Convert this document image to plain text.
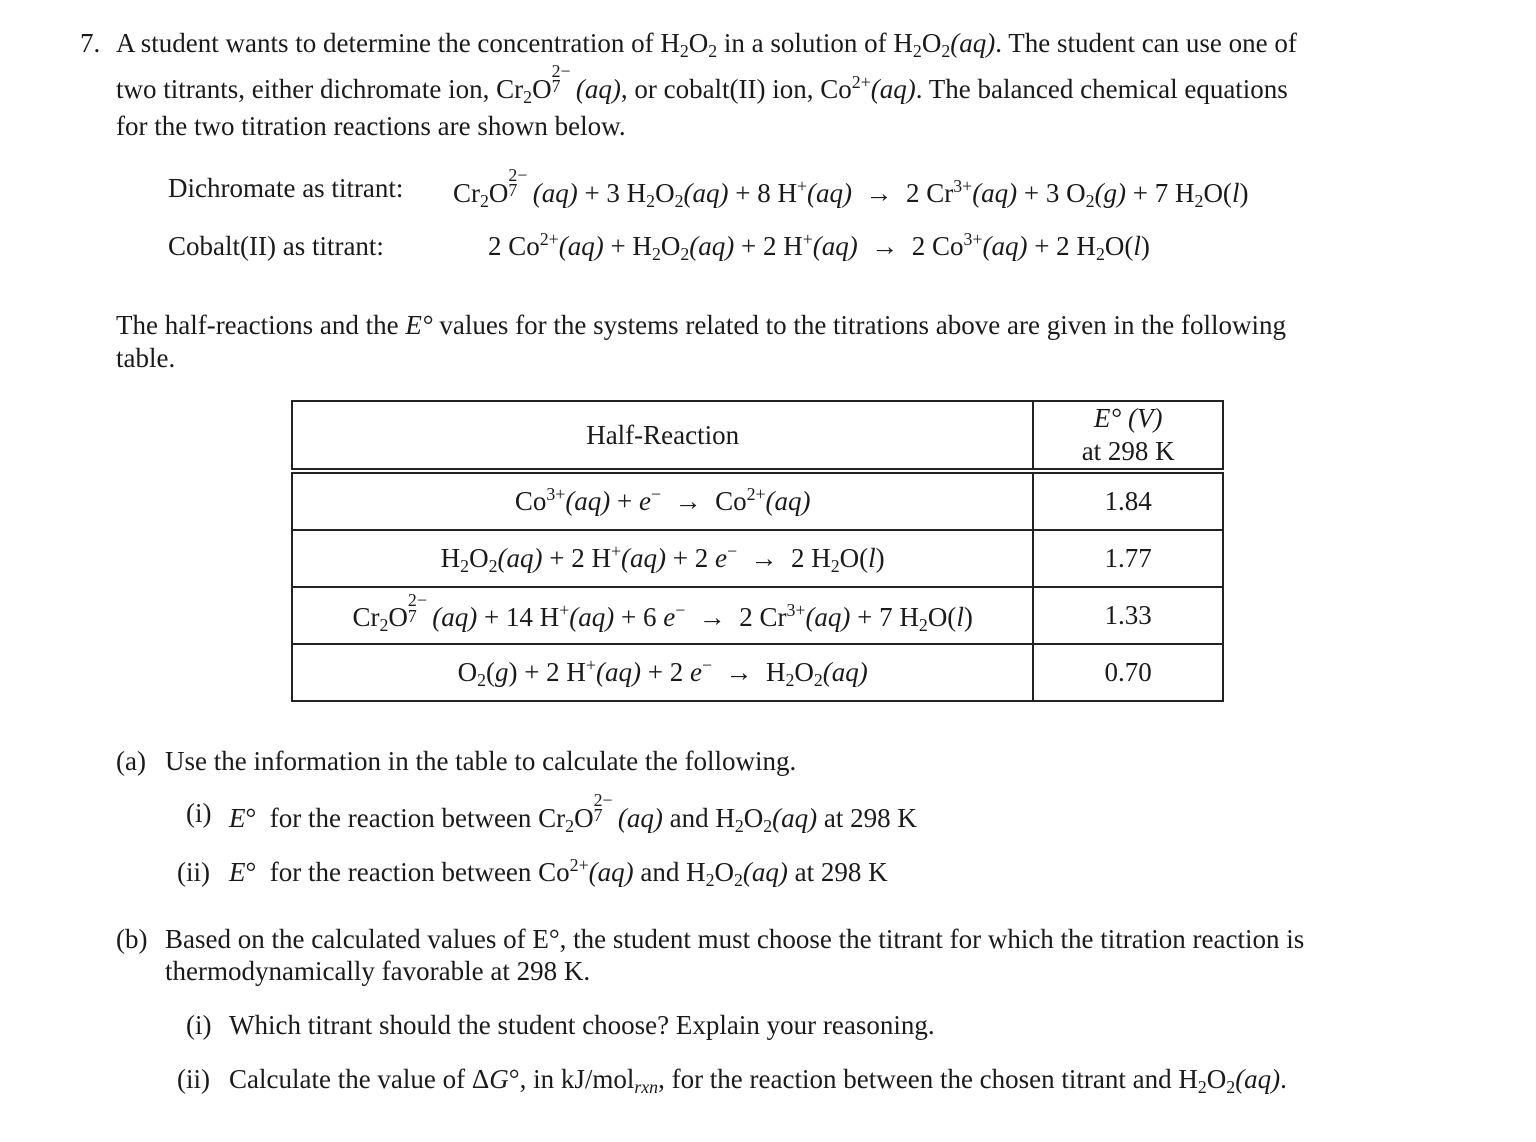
7. A student wants to determine the concentration of $H_2O_2$ in a solution of $H_2O_2(aq)$. The student can use one of
two titrants, either dichromate ion, $Cr_2O$
2−
7 (aq), or cobalt(II) ion, $Co^{2+}(aq)$. The balanced chemical equations
for the two titration reactions are shown below.
Dichromate as titrant: $Cr_2O$
2−
7 (aq) + 3 $H_2O_2(aq) + 8$ H+(aq)  →  2 $Cr^{3+}(aq) + 3$ $O_2(g) + 7$ $H_2O(l)$
Cobalt(II) as titrant:	2 $Co^{2+}(aq) + H_2O_2(aq) + 2$ H+(aq)  →  2 $Co^{3+}(aq) + 2$ $H_2O(l)$
The half-reactions and the E° values for the systems related to the titrations above are given in the following
table.
Half-Reaction	E° (V)
at 298 K

$Co^{3+}(aq) + e^- \to Co^{2+}(aq)$	1.84
$H_2O_2(aq) + 2$ H+(aq) + 2 e−  →  2 $H_2O(l)$	1.77
$Cr_2O$
2−
7 (aq) + 14 H+(aq) + 6 e−  →  2 $Cr^{3+}(aq) + 7$ $H_2O(l)$	1.33
$O_2(g) + 2$ H+(aq) + 2 $e^- \to H_2O_2(aq)$	0.70
(a) Use the information in the table to calculate the following.
(i) E°  for the reaction between $Cr_2O$
2−
7 (aq) and $H_2O_2(aq)$ at 298 K
(ii) E°  for the reaction between $Co^{2+}(aq)$ and $H_2O_2(aq)$ at 298 K
(b) Based on the calculated values of E°, the student must choose the titrant for which the titration reaction is
thermodynamically favorable at 298 K.
(i) Which titrant should the student choose? Explain your reasoning.
(ii) Calculate the value of ΔG°, in kJ/mol$_{rxn}$, for the reaction between the chosen titrant and $H_2O_2(aq)$.
